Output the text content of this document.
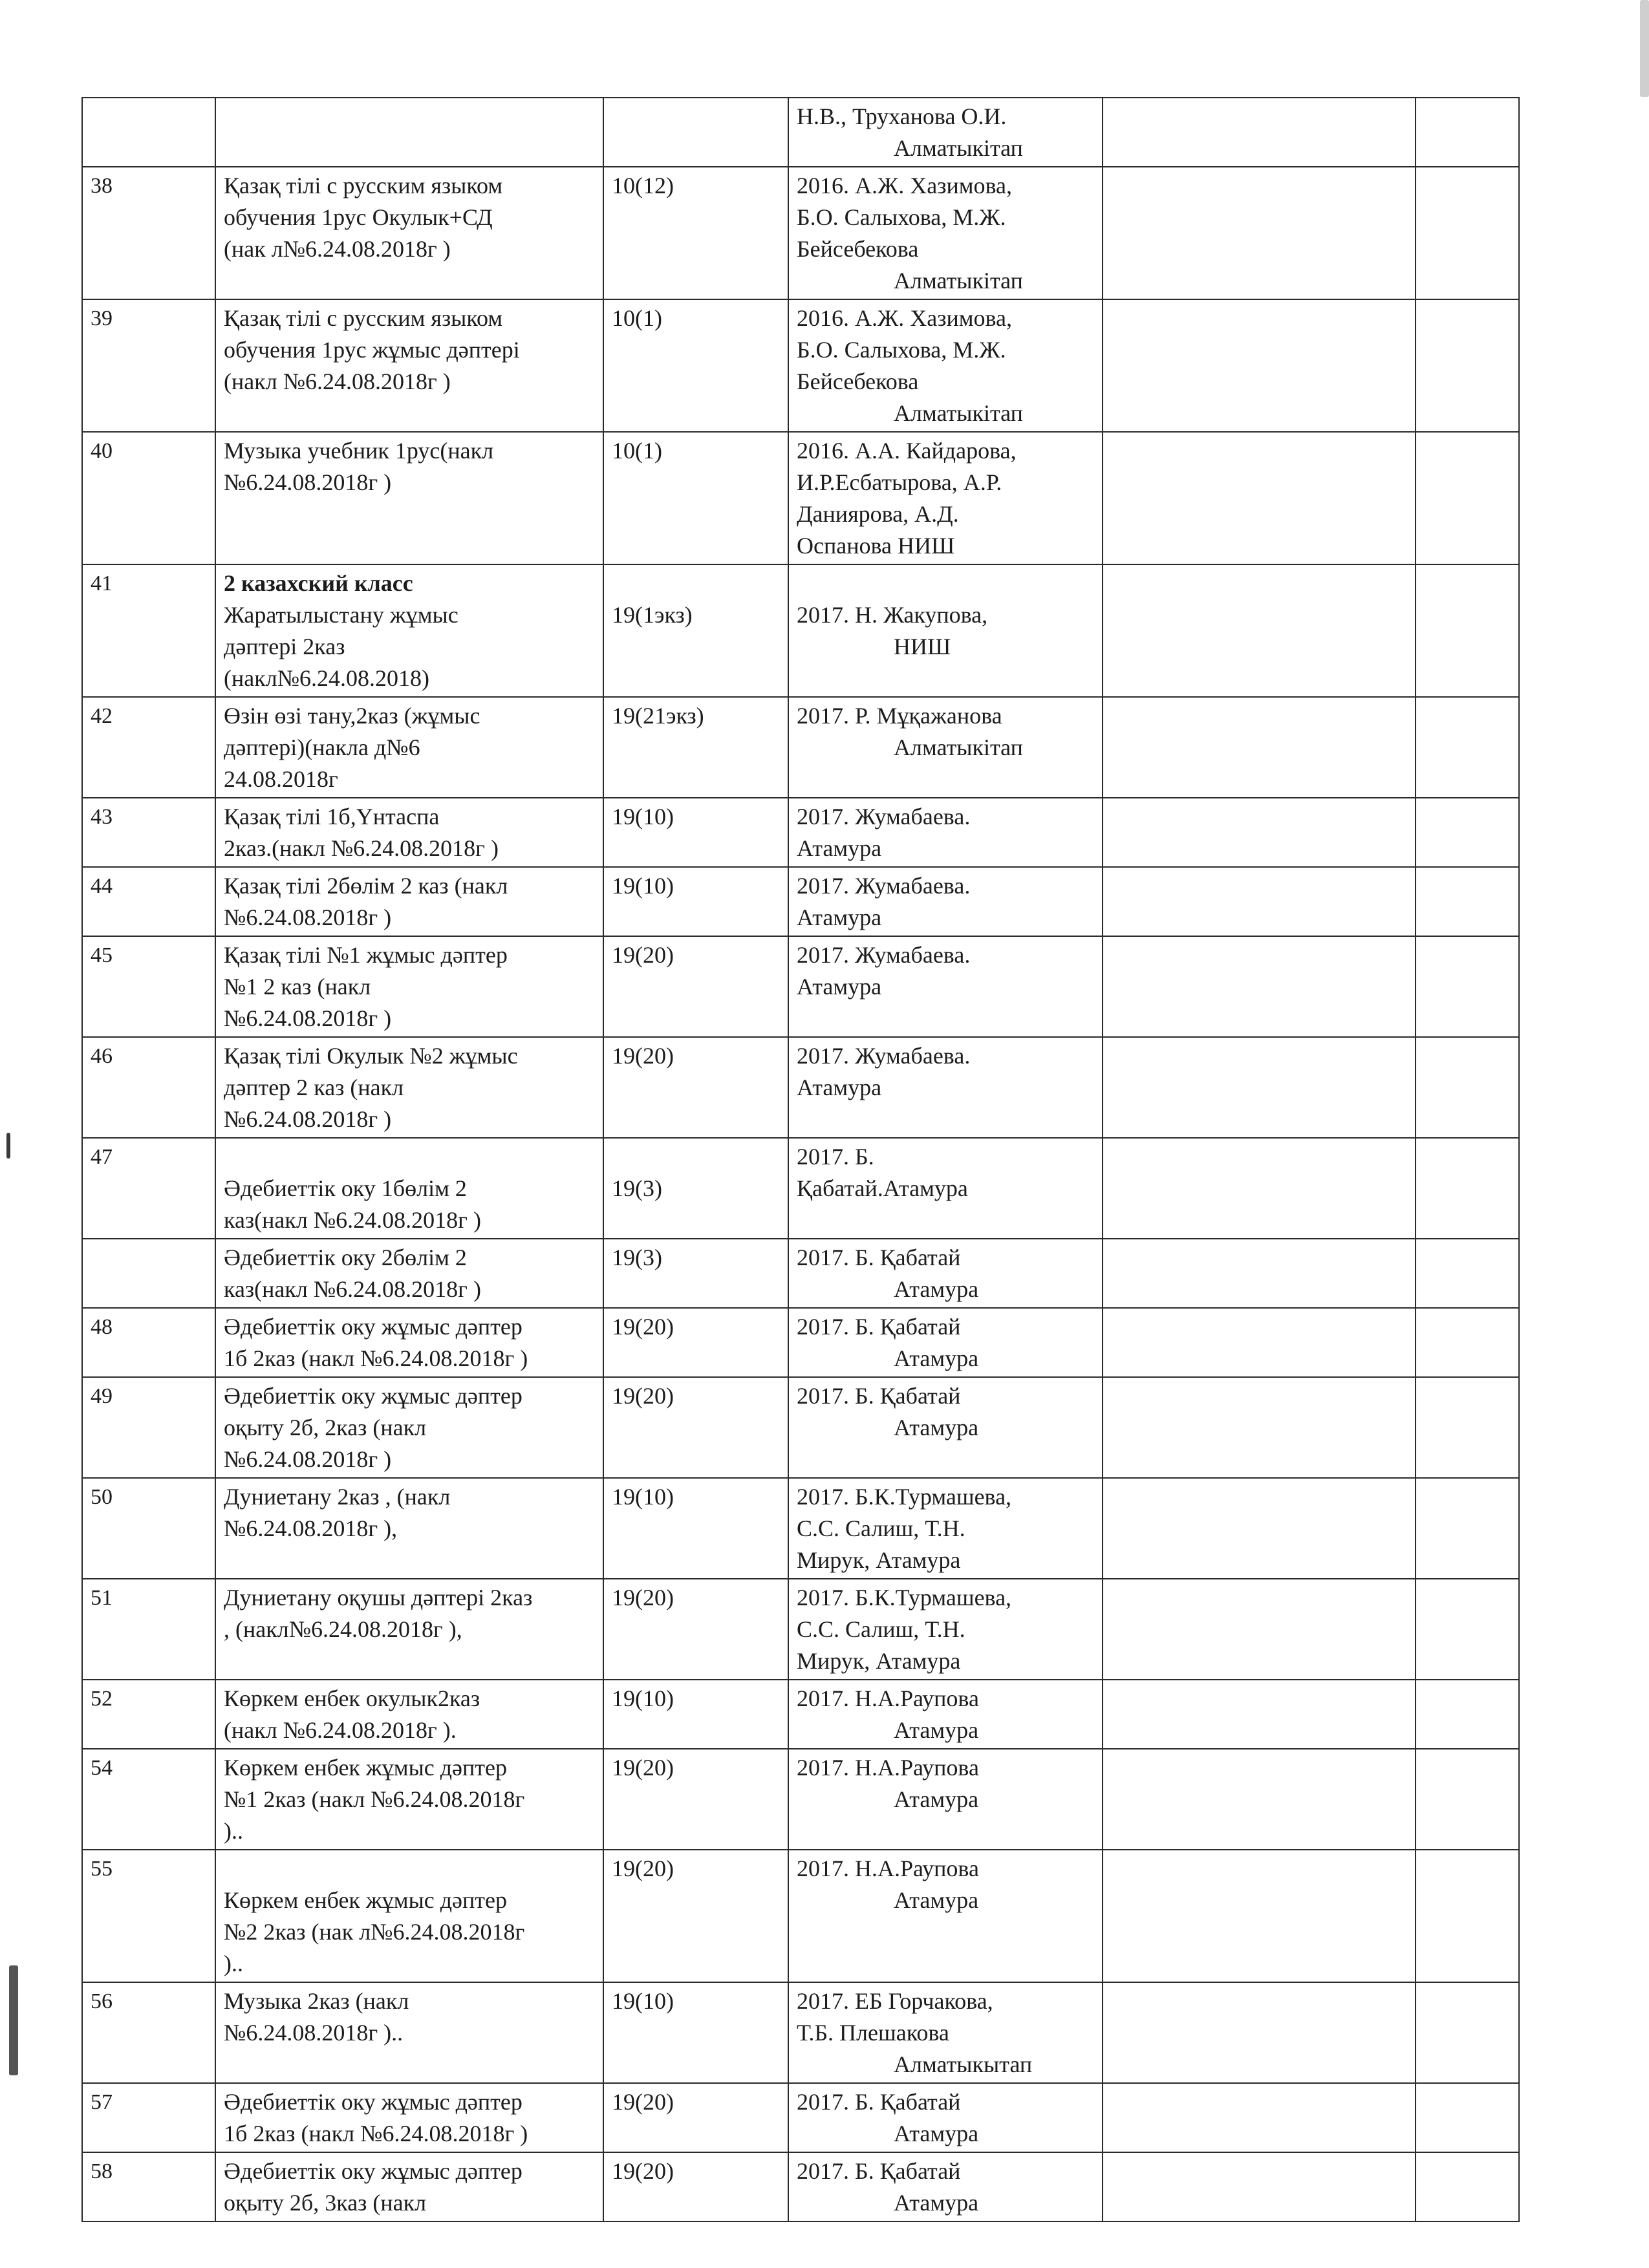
			Н.В., Труханова О.И.
Алматыкітап		

38	Қазақ тілі с русским языком
обучения 1рус Окулык+СД
(нак л№6.24.08.2018г )	10(12)	2016. А.Ж. Хазимова,
Б.О. Салыхова, М.Ж.
Бейсебекова
Алматыкітап		

39	Қазақ тілі с русским языком
обучения 1рус жұмыс дәптері
(накл №6.24.08.2018г )	10(1)	2016. А.Ж. Хазимова,
Б.О. Салыхова, М.Ж.
Бейсебекова
Алматыкітап		

40	Музыка учебник 1рус(накл
№6.24.08.2018г )	10(1)	2016. А.А. Кайдарова,
И.Р.Есбатырова, А.Р.
Даниярова, А.Д.
Оспанова НИШ		

41	2 казахский класс
Жаратылыстану жұмыс
дәптері 2каз
(накл№6.24.08.2018)	19(1экз)	2017. Н. Жакупова,
НИШ		

42	Өзін өзі тану,2каз (жұмыс
дәптері)(накла д№6
24.08.2018г	19(21экз)	2017. Р. Мұқажанова
Алматыкітап		

43	Қазақ тілі 1б,Үнтаспа
2каз.(накл №6.24.08.2018г )	19(10)	2017. Жумабаева.
Атамура		

44	Қазақ тілі 2бөлім 2 каз (накл
№6.24.08.2018г )	19(10)	2017. Жумабаева.
Атамура		

45	Қазақ тілі №1 жұмыс дәптер
№1 2 каз (накл
№6.24.08.2018г )	19(20)	2017. Жумабаева.
Атамура		

46	Қазақ тілі Окулык №2 жұмыс
дәптер 2 каз (накл
№6.24.08.2018г )	19(20)	2017. Жумабаева.
Атамура		

47	Әдебиеттік оку 1бөлім 2
каз(накл №6.24.08.2018г )	19(3)	2017. Б.
Қабатай.Атамура		

	Әдебиеттік оку 2бөлім 2
каз(накл №6.24.08.2018г )	19(3)	2017. Б. Қабатай
Атамура		

48	Әдебиеттік оку жұмыс дәптер
1б 2каз (накл №6.24.08.2018г )	19(20)	2017. Б. Қабатай
Атамура		

49	Әдебиеттік оку жұмыс дәптер
оқыту 2б, 2каз (накл
№6.24.08.2018г )	19(20)	2017. Б. Қабатай
Атамура		

50	Дуниетану 2каз , (накл
№6.24.08.2018г ),	19(10)	2017. Б.К.Турмашева,
С.С. Салиш, Т.Н.
Мирук, Атамура		

51	Дуниетану оқушы дәптері 2каз
, (накл№6.24.08.2018г ),	19(20)	2017. Б.К.Турмашева,
С.С. Салиш, Т.Н.
Мирук, Атамура		

52	Көркем енбек окулык2каз
(накл №6.24.08.2018г ).	19(10)	2017. Н.А.Раупова
Атамура		

54	Көркем енбек жұмыс дәптер
№1 2каз (накл №6.24.08.2018г
)..	19(20)	2017. Н.А.Раупова
Атамура		

55	Көркем енбек жұмыс дәптер
№2 2каз (нак л№6.24.08.2018г
)..	19(20)	2017. Н.А.Раупова
Атамура		

56	Музыка 2каз (накл
№6.24.08.2018г )..	19(10)	2017. ЕБ Горчакова,
Т.Б. Плешакова
Алматыкытап		

57	Әдебиеттік оку жұмыс дәптер
1б 2каз (накл №6.24.08.2018г )	19(20)	2017. Б. Қабатай
Атамура		

58	Әдебиеттік оку жұмыс дәптер
оқыту 2б, 3каз (накл	19(20)	2017. Б. Қабатай
Атамура		
